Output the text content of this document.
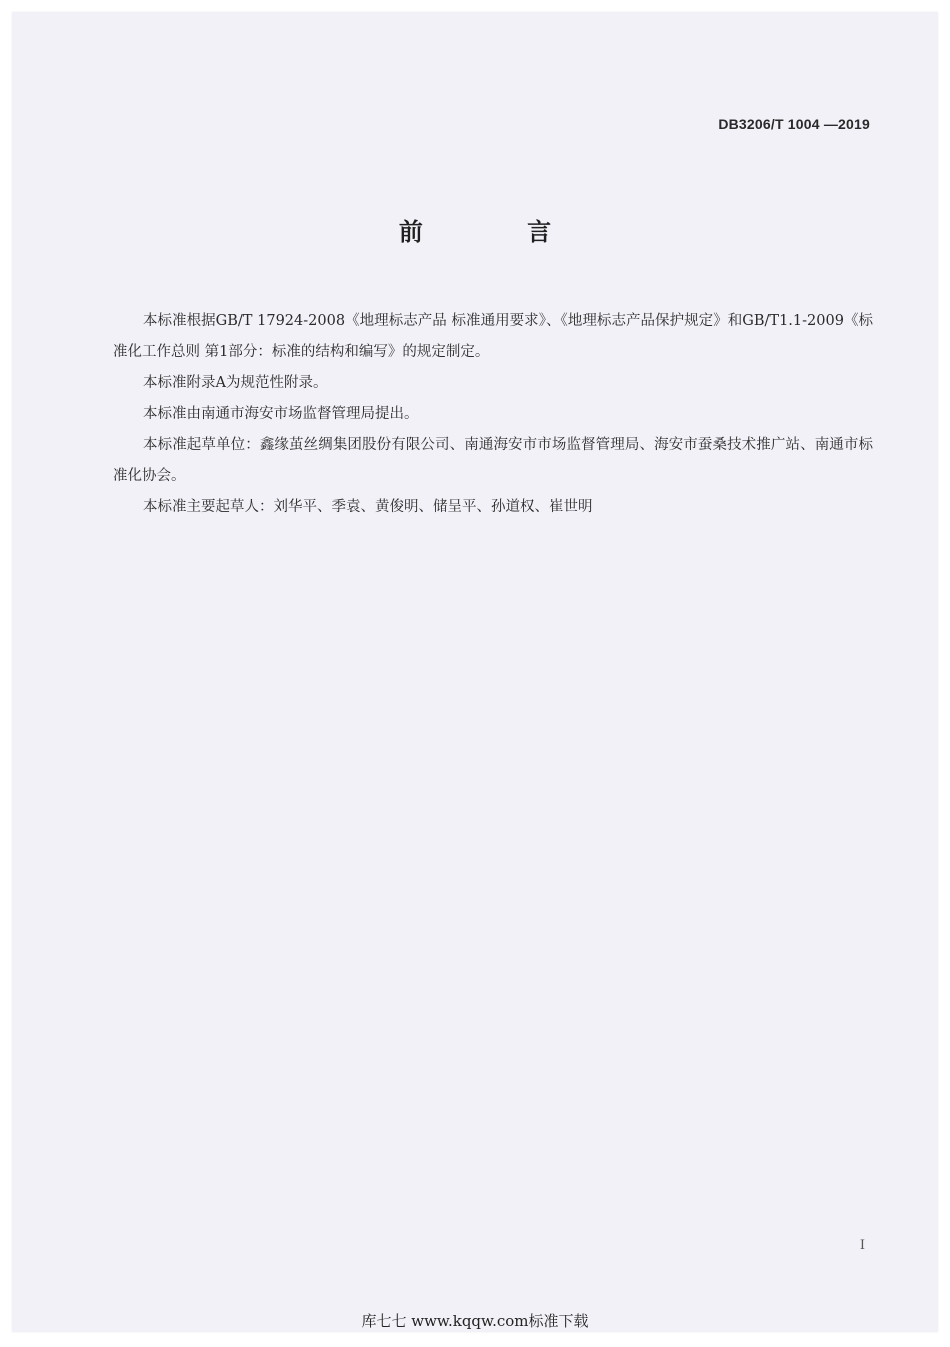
DB3206/T 1004 —2019
前 言

本标准根据GB/T 17924-2008《地理标志产品 标准通用要求》、《地理标志产品保护规定》和GB/T1.1-2009《标准化工作总则 第1部分：标准的结构和编写》的规定制定。

本标准附录A为规范性附录。

本标准由南通市海安市场监督管理局提出。

本标准起草单位：鑫缘茧丝绸集团股份有限公司、南通海安市市场监督管理局、海安市蚕桑技术推广站、南通市标准化协会。

本标准主要起草人：刘华平、季袁、黄俊明、储呈平、孙道权、崔世明

I
库七七 www.kqqw.com标准下载
